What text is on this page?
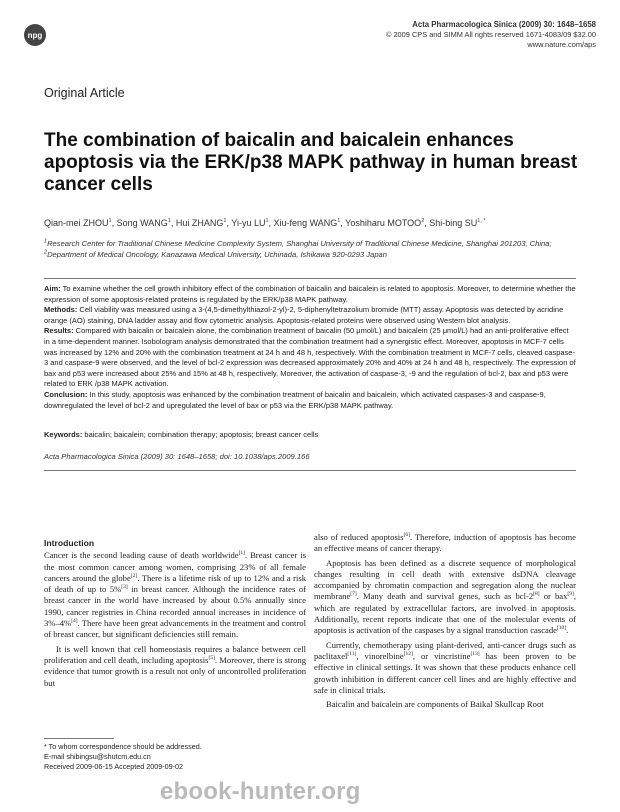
npg
Acta Pharmacologica Sinica (2009) 30: 1648–1658
© 2009 CPS and SIMM All rights reserved 1671-4083/09 $32.00
www.nature.com/aps
Original Article
The combination of baicalin and baicalein enhances apoptosis via the ERK/p38 MAPK pathway in human breast cancer cells
Qian-mei ZHOU$^1$, Song WANG$^1$, Hui ZHANG$^1$, Yi-yu $LU^1$, Xiu-feng WANG$^1$, Yoshiharu MOTOO$^2$, Shi-bing $SU^{1, *}$
$^1$Research Center for Traditional Chinese Medicine Complexity System, Shanghai University of Traditional Chinese Medicine, Shanghai 201203, China; $^2$Department of Medical Oncology, Kanazawa Medical University, Uchinada, Ishikawa 920-0293 Japan

Aim: To examine whether the cell growth inhibitory effect of the combination of baicalin and baicalein is related to apoptosis. Moreover, to determine whether the expression of some apoptosis-related proteins is regulated by the ERK/p38 MAPK pathway.

Methods: Cell viability was measured using a 3-(4,5-dimethylthiazol-2-yl)-2, 5-diphenyltetrazolium bromide (MTT) assay. Apoptosis was detected by acridine orange (AO) staining, DNA ladder assay and flow cytometric analysis. Apoptosis-related proteins were observed using Western blot analysis.

Results: Compared with baicalin or baicalein alone, the combination treatment of baicalin (50 μmol/L) and baicalein (25 μmol/L) had an anti-proliferative effect in a time-dependent manner. Isobologram analysis demonstrated that the combination treatment had a synergistic effect. Moreover, apoptosis in MCF-7 cells was increased by 12% and 20% with the combination treatment at 24 h and 48 h, respectively. With the combination treatment in MCF-7 cells, cleaved caspase-3 and caspase-9 were observed, and the level of bcl-2 expression was decreased approximately 20% and 40% at 24 h and 48 h, respectively. The expression of bax and p53 were increased about 25% and 15% at 48 h, respectively. Moreover, the activation of caspase-3, -9 and the regulation of bcl-2, bax and p53 were related to ERK /p38 MAPK activation.

Conclusion: In this study, apoptosis was enhanced by the combination treatment of baicalin and baicalein, which activated caspases-3 and caspase-9, downregulated the level of bcl-2 and upregulated the level of bax or p53 via the ERK/p38 MAPK pathway.

Keywords: baicalin; baicalein; combination therapy; apoptosis; breast cancer cells
Acta Pharmacologica Sinica (2009) 30: 1648–1658; doi: 10.1038/aps.2009.166
Introduction

Cancer is the second leading cause of death worldwide[1]. Breast cancer is the most common cancer among women, comprising 23% of all female cancers around the globe[2]. There is a lifetime risk of up to 12% and a risk of death of up to 5%[3] in breast cancer. Although the incidence rates of breast cancer in the world have increased by about 0.5% annually since 1990, cancer registries in China recorded annual increases in incidence of 3%–4%[4]. There have been great advancements in the treatment and control of breast cancer, but significant deficiencies still remain.

It is well known that cell homeostasis requires a balance between cell proliferation and cell death, including apoptosis[5]. Moreover, there is strong evidence that tumor growth is a result not only of uncontrolled proliferation but

also of reduced apoptosis[6]. Therefore, induction of apoptosis has become an effective means of cancer therapy.

Apoptosis has been defined as a discrete sequence of morphological changes resulting in cell death with extensive dsDNA cleavage accompanied by chromatin compaction and segregation along the nuclear membrane[7]. Many death and survival genes, such as bcl-2[8] or bax[9], which are regulated by extracellular factors, are involved in apoptosis. Additionally, recent reports indicate that one of the molecular events of apoptosis is activation of the caspases by a signal transduction cascade[10].

Currently, chemotherapy using plant-derived, anti-cancer drugs such as paclitaxel[11], vinorelbine[12], or vincristine[13] has been proven to be effective in clinical settings. It was shown that these products enhance cell growth inhibition in different cancer cell lines and are highly effective and safe in clinical trials.

Baicalin and baicalein are components of Baikal Skullcap Root

* To whom correspondence should be addressed.
E-mail shibingsu@shutcm.edu.cn
Received 2009-06-15 Accepted 2009-09-02
ebook-hunter.org
